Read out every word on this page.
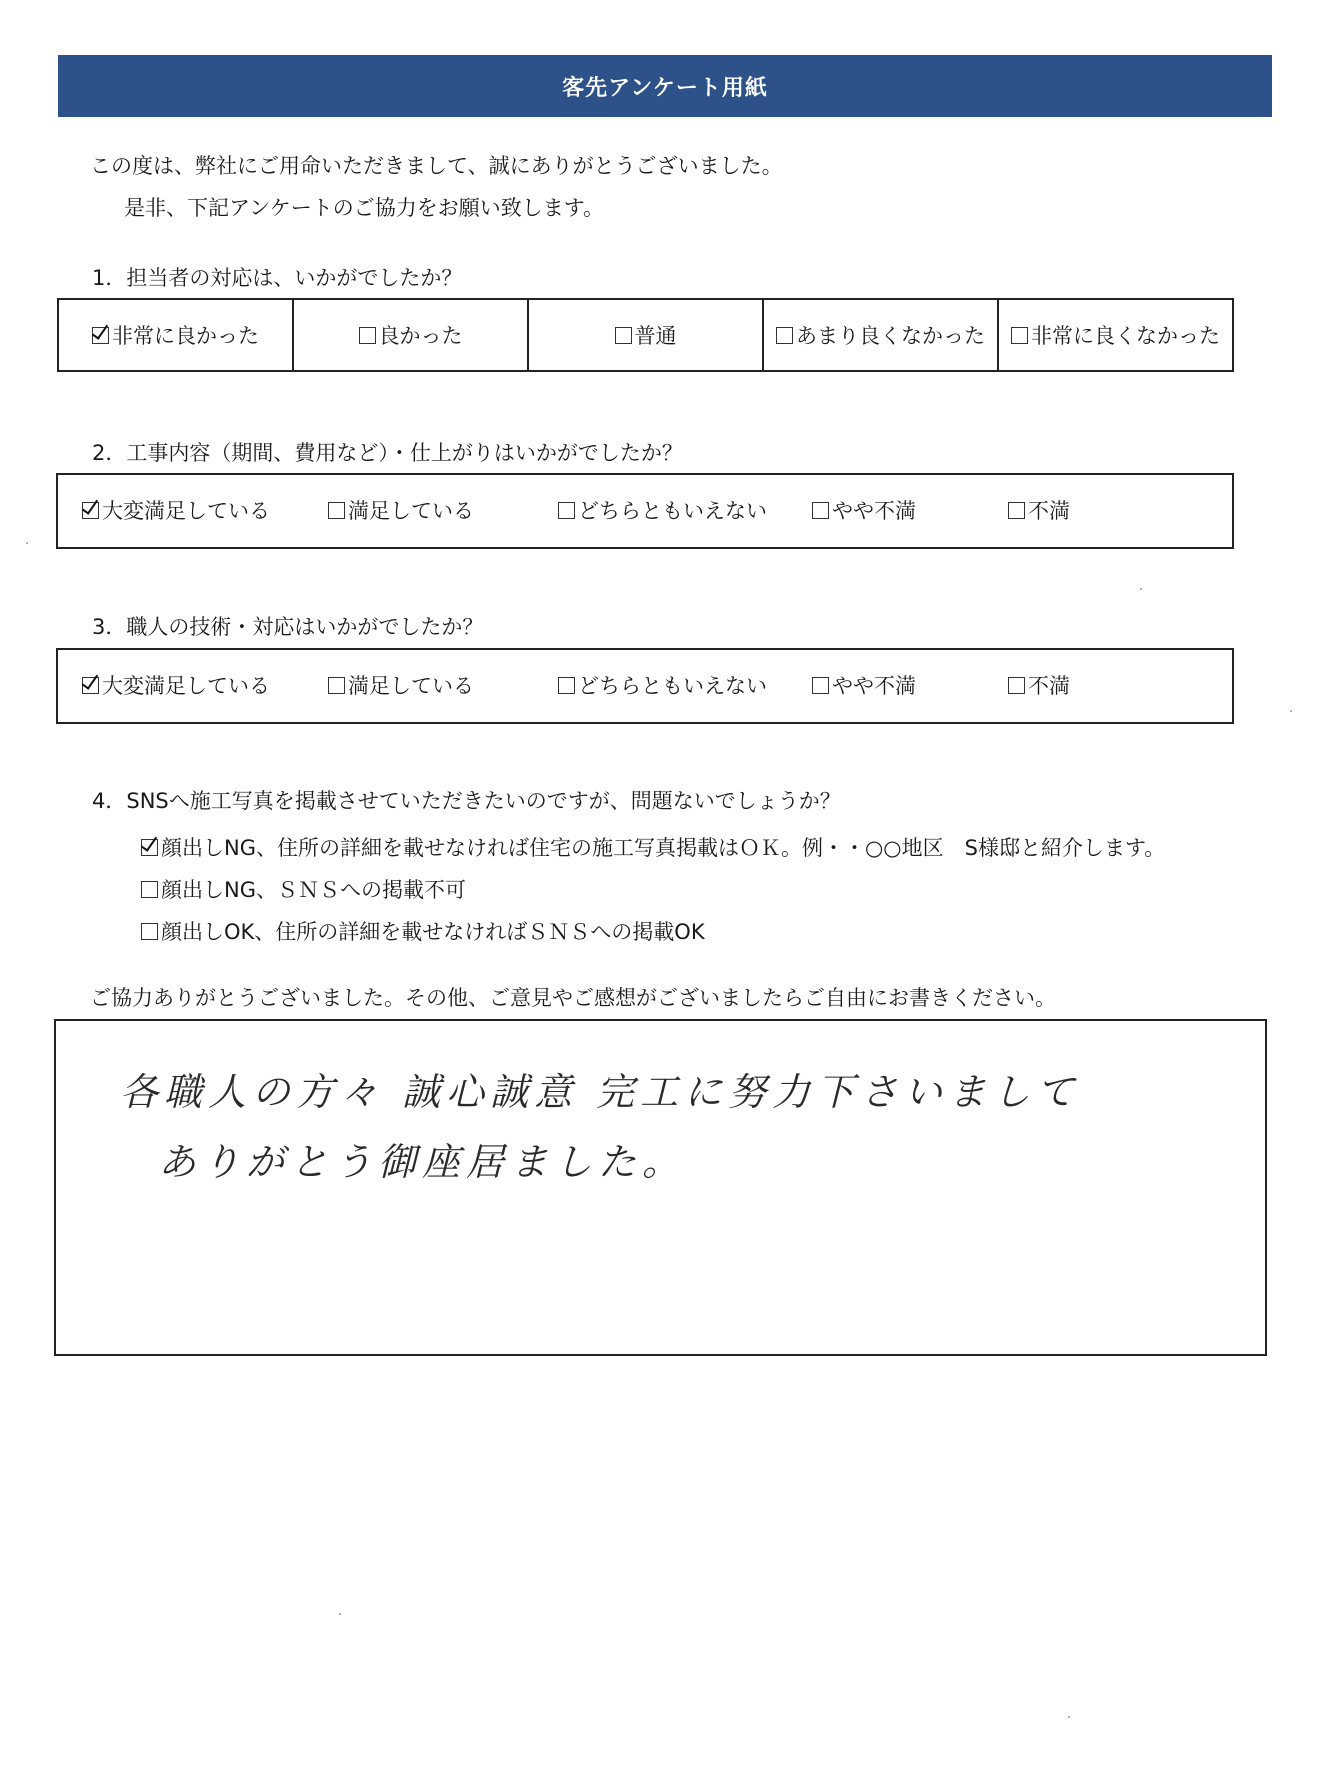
客先アンケート用紙
この度は、弊社にご用命いただきまして、誠にありがとうございました。
是非、下記アンケートのご協力をお願い致します。
1．担当者の対応は、いかがでしたか？
非常に良かった	良かった	普通	あまり良くなかった 非常に良くなかった
2．工事内容（期間、費用など）・仕上がりはいかがでしたか？
大変満足している	満足している	どちらともいえない	やや不満	不満
3．職人の技術・対応はいかがでしたか？
大変満足している	満足している	どちらともいえない	やや不満	不満
4．SNSへ施工写真を掲載させていただきたいのですが、問題ないでしょうか？
顔出しNG、住所の詳細を載せなければ住宅の施工写真掲載はＯＫ。例・・○○地区　S様邸と紹介します。
顔出しNG、ＳＮＳへの掲載不可
顔出しOK、住所の詳細を載せなければＳＮＳへの掲載OK
ご協力ありがとうございました。その他、ご意見やご感想がございましたらご自由にお書きください。
各職人の方々 誠心誠意 完工に努力下さいまして
ありがとう御座居ました。
